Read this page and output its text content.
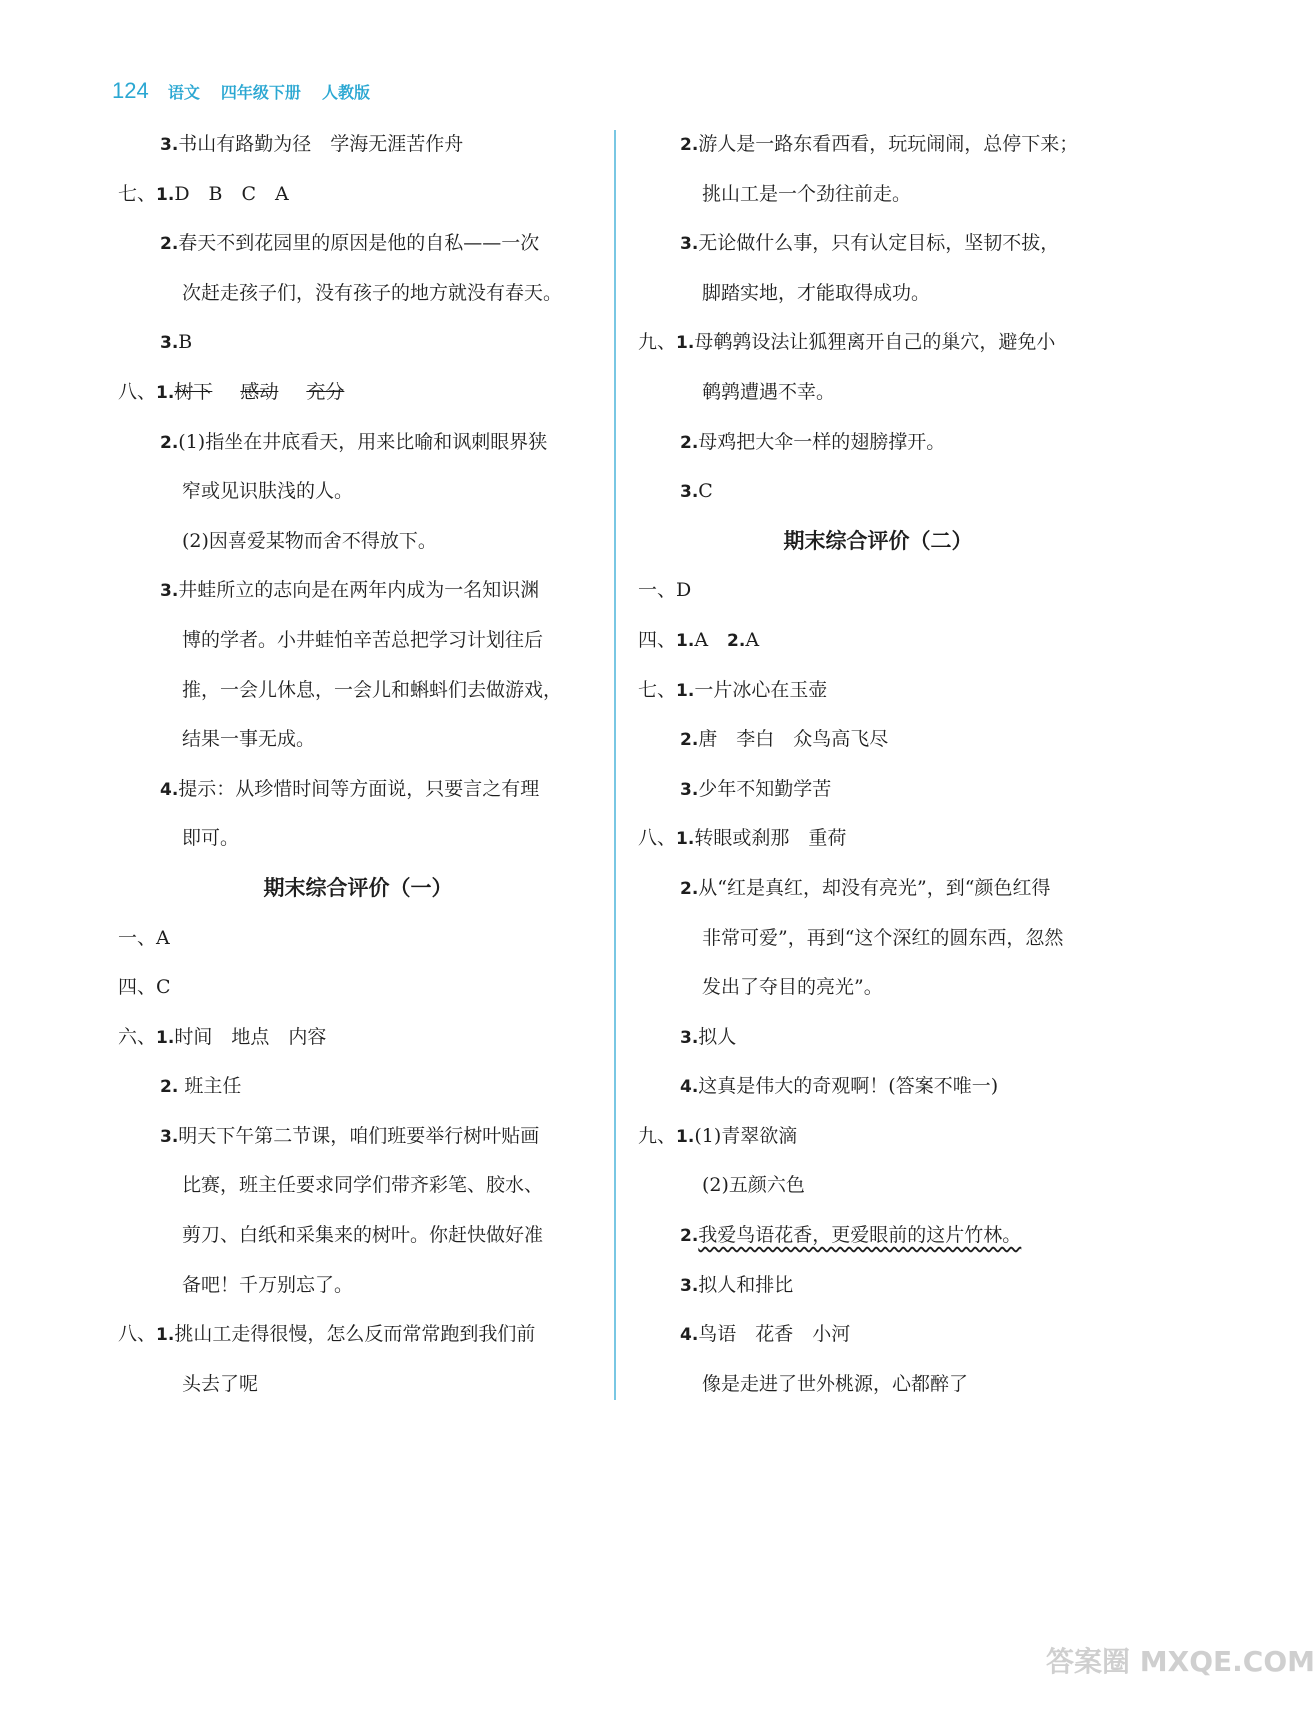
124 语文 四年级下册 人教版
3.书山有路勤为径　学海无涯苦作舟
七、1.D　B　C　A
2.春天不到花园里的原因是他的自私——一次
次赶走孩子们，没有孩子的地方就没有春天。
3.B
八、1.树下 感动 充分
2.(1)指坐在井底看天，用来比喻和讽刺眼界狭
窄或见识肤浅的人。
(2)因喜爱某物而舍不得放下。
3.井蛙所立的志向是在两年内成为一名知识渊
博的学者。小井蛙怕辛苦总把学习计划往后
推，一会儿休息，一会儿和蝌蚪们去做游戏，
结果一事无成。
4.提示：从珍惜时间等方面说，只要言之有理
即可。
期末综合评价（一）
一、A
四、C
六、1.时间　地点　内容
2. 班主任
3.明天下午第二节课，咱们班要举行树叶贴画
比赛，班主任要求同学们带齐彩笔、胶水、
剪刀、白纸和采集来的树叶。你赶快做好准
备吧！千万别忘了。
八、1.挑山工走得很慢，怎么反而常常跑到我们前
头去了呢
2.游人是一路东看西看，玩玩闹闹，总停下来；
挑山工是一个劲往前走。
3.无论做什么事，只有认定目标，坚韧不拔，
脚踏实地，才能取得成功。
九、1.母鹌鹑设法让狐狸离开自己的巢穴，避免小
鹌鹑遭遇不幸。
2.母鸡把大伞一样的翅膀撑开。
3.C
期末综合评价（二）
一、D
四、1.A　2.A
七、1.一片冰心在玉壶
2.唐　李白　众鸟高飞尽
3.少年不知勤学苦
八、1.转眼或刹那　重荷
2.从“红是真红，却没有亮光”，到“颜色红得
非常可爱”，再到“这个深红的圆东西，忽然
发出了夺目的亮光”。
3.拟人
4.这真是伟大的奇观啊！(答案不唯一)
九、1.(1)青翠欲滴
(2)五颜六色
2.我爱鸟语花香，更爱眼前的这片竹林。
3.拟人和排比
4.鸟语　花香　小河
像是走进了世外桃源，心都醉了
答案圈 MXQE.COM
